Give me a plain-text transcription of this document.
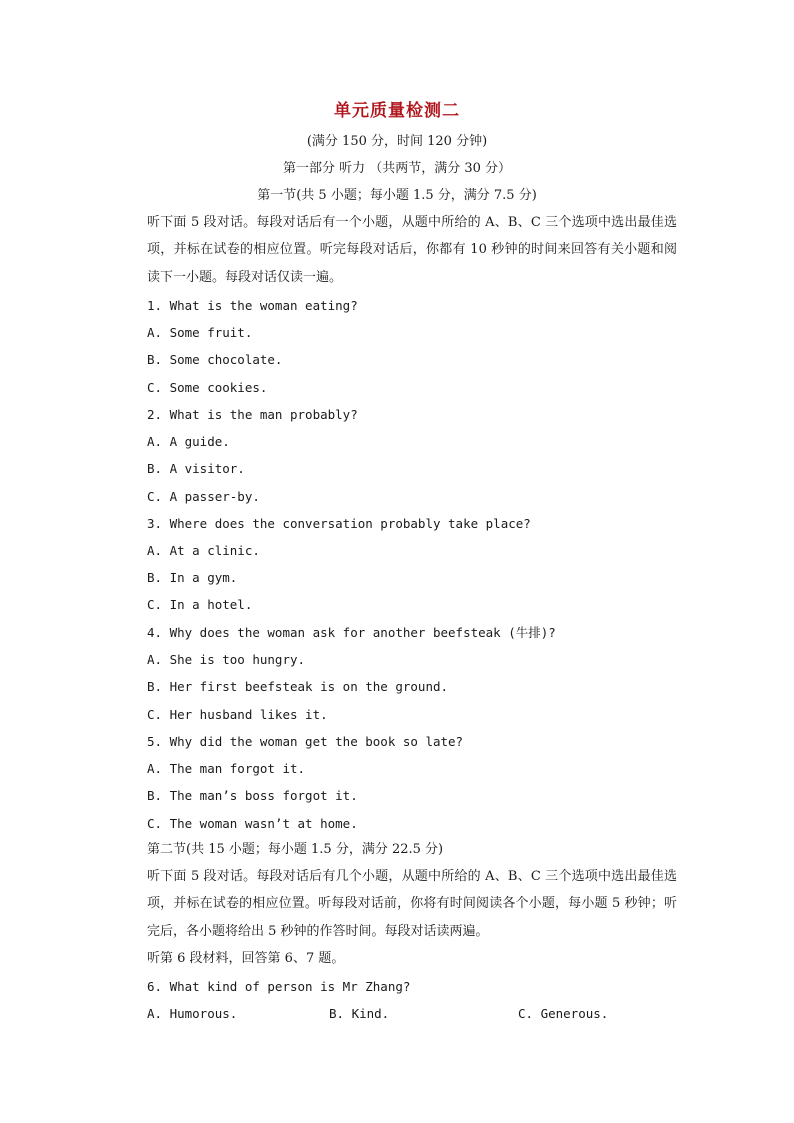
单元质量检测二
(满分 150 分，时间 120 分钟)
第一部分 听力 （共两节，满分 30 分）
第一节(共 5 小题；每小题 1.5 分，满分 7.5 分)
听下面 5 段对话。每段对话后有一个小题，从题中所给的 A、B、C 三个选项中选出最佳选项，并标在试卷的相应位置。听完每段对话后，你都有 10 秒钟的时间来回答有关小题和阅读下一小题。每段对话仅读一遍。
1. What is the woman eating?
A. Some fruit.
B. Some chocolate.
C. Some cookies.
2. What is the man probably?
A. A guide.
B. A visitor.
C. A passer-by.
3. Where does the conversation probably take place?
A. At a clinic.
B. In a gym.
C. In a hotel.
4. Why does the woman ask for another beefsteak (牛排)?
A. She is too hungry.
B. Her first beefsteak is on the ground.
C. Her husband likes it.
5. Why did the woman get the book so late?
A. The man forgot it.
B. The man’s boss forgot it.
C. The woman wasn’t at home.
第二节(共 15 小题；每小题 1.5 分，满分 22.5 分)
听下面 5 段对话。每段对话后有几个小题，从题中所给的 A、B、C 三个选项中选出最佳选项，并标在试卷的相应位置。听每段对话前，你将有时间阅读各个小题，每小题 5 秒钟；听完后，各小题将给出 5 秒钟的作答时间。每段对话读两遍。
听第 6 段材料，回答第 6、7 题。
6. What kind of person is Mr Zhang?
A. Humorous.	B. Kind.	C. Generous.
